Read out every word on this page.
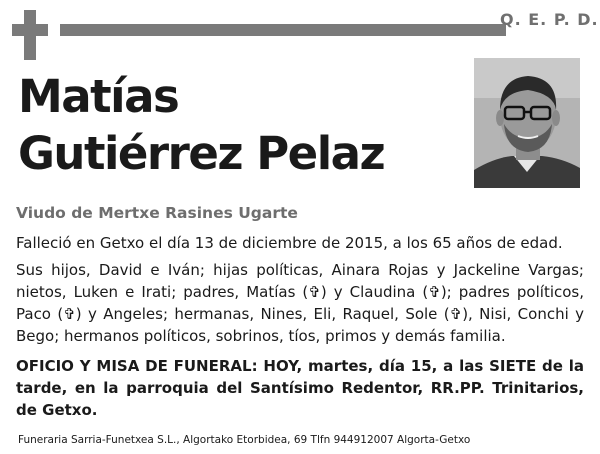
Q. E. P. D.
Matías
Gutiérrez Pelaz
Viudo de Mertxe Rasines Ugarte
Falleció en Getxo el día 13 de diciembre de 2015, a los 65 años de edad.
Sus hijos, David e Iván; hijas políticas, Ainara Rojas y Jackeline Vargas; nietos, Luken e Irati; padres, Matías (✞) y Claudina (✞); padres políticos, Paco (✞) y Angeles; hermanas, Nines, Eli, Raquel, Sole (✞), Nisi, Conchi y Bego; hermanos políticos, sobrinos, tíos, primos y demás familia.
OFICIO Y MISA DE FUNERAL: HOY, martes, día 15, a las SIETE de la tarde, en la parroquia del Santísimo Redentor, RR.PP. Trinitarios, de Getxo.
Funeraria Sarria-Funetxea S.L., Algortako Etorbidea, 69 Tlfn 944912007 Algorta-Getxo
